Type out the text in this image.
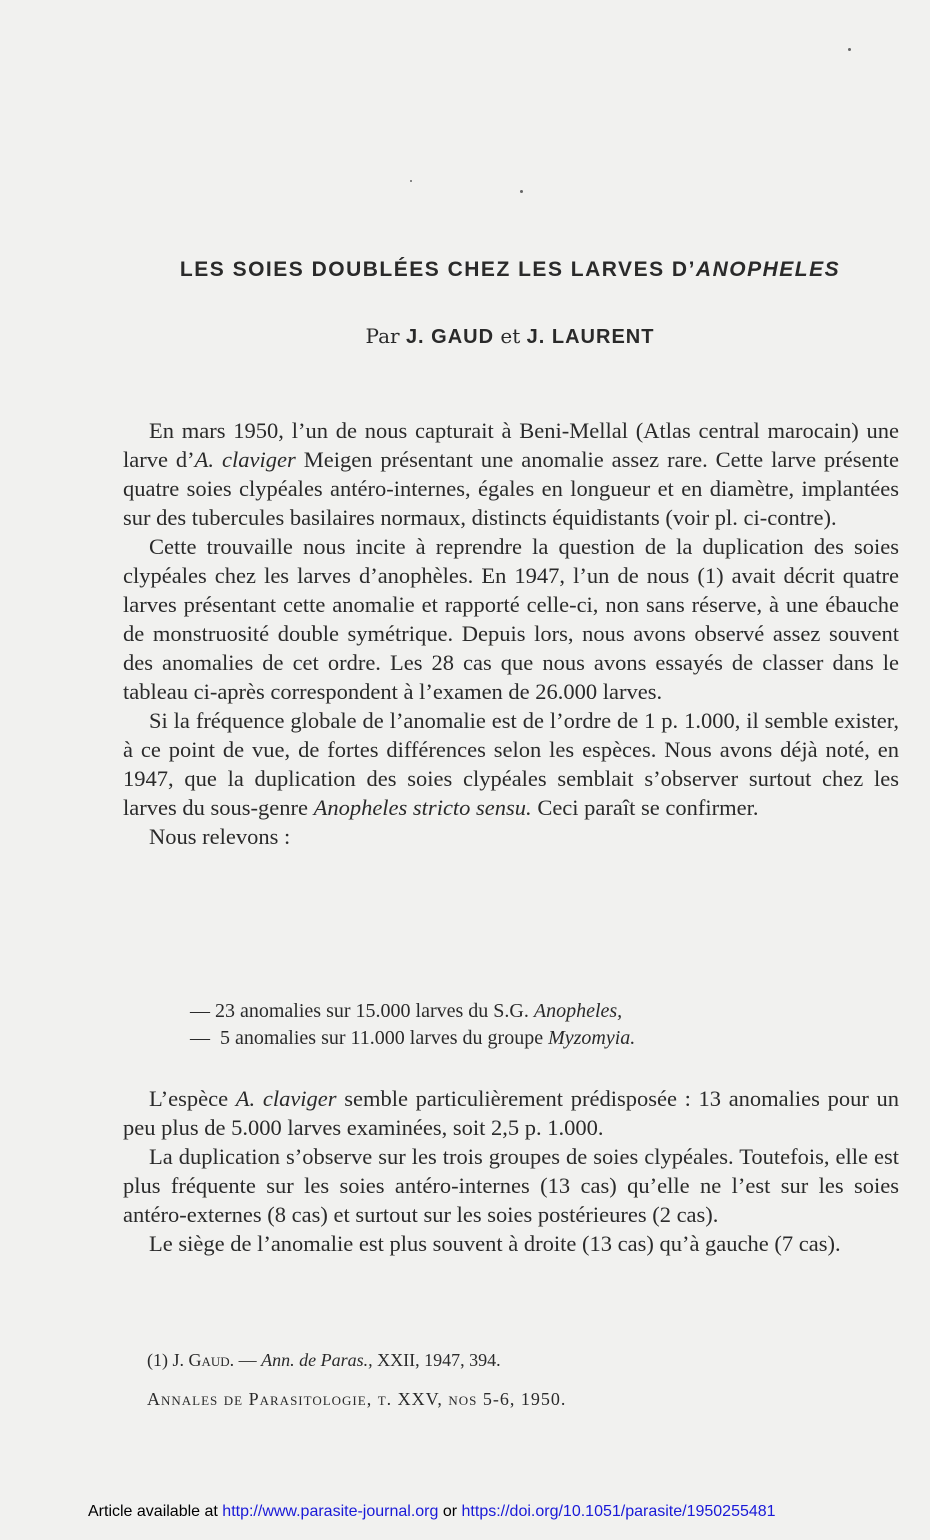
LES SOIES DOUBLÉES CHEZ LES LARVES D’ANOPHELES
Par J. GAUD et J. LAURENT

En mars 1950, l’un de nous capturait à Beni-Mellal (Atlas central marocain) une larve d’A. claviger Meigen présentant une anomalie assez rare. Cette larve présente quatre soies clypéales antéro-internes, égales en longueur et en diamètre, implantées sur des tubercules basilaires normaux, distincts équidistants (voir pl. ci-contre).

Cette trouvaille nous incite à reprendre la question de la duplication des soies clypéales chez les larves d’anophèles. En 1947, l’un de nous (1) avait décrit quatre larves présentant cette anomalie et rapporté celle-ci, non sans réserve, à une ébauche de monstruosité double symétrique. Depuis lors, nous avons observé assez souvent des anomalies de cet ordre. Les 28 cas que nous avons essayés de classer dans le tableau ci-après correspondent à l’examen de 26.000 larves.

Si la fréquence globale de l’anomalie est de l’ordre de 1 p. 1.000, il semble exister, à ce point de vue, de fortes différences selon les espèces. Nous avons déjà noté, en 1947, que la duplication des soies clypéales semblait s’observer surtout chez les larves du sous-genre Anopheles stricto sensu. Ceci paraît se confirmer.

Nous relevons :

— 23 anomalies sur 15.000 larves du S.G. Anopheles,
—  5 anomalies sur 11.000 larves du groupe Myzomyia.

L’espèce A. claviger semble particulièrement prédisposée : 13 anomalies pour un peu plus de 5.000 larves examinées, soit 2,5 p. 1.000.

La duplication s’observe sur les trois groupes de soies clypéales. Toutefois, elle est plus fréquente sur les soies antéro-internes (13 cas) qu’elle ne l’est sur les soies antéro-externes (8 cas) et surtout sur les soies postérieures (2 cas).

Le siège de l’anomalie est plus souvent à droite (13 cas) qu’à gauche (7 cas).

(1) J. Gaud. — Ann. de Paras., XXII, 1947, 394.
Annales de Parasitologie, t. XXV, nos 5-6, 1950.
Article available at http://www.parasite-journal.org or https://doi.org/10.1051/parasite/1950255481
